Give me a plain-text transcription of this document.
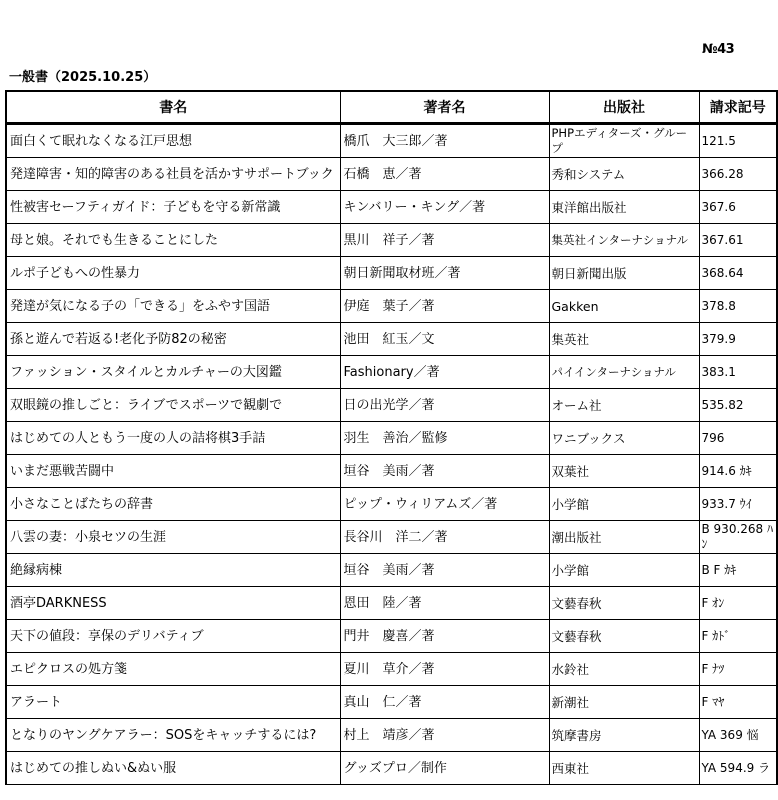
№43
一般書（2025.10.25）
書名	著者名	出版社	請求記号
面白くて眠れなくなる江戸思想	橋爪　大三郎／著	PHPエディターズ・グループ	121.5
発達障害・知的障害のある社員を活かすサポートブック	石橋　恵／著	秀和システム	366.28
性被害セーフティガイド：子どもを守る新常識	キンバリー・キング／著	東洋館出版社	367.6
母と娘。それでも生きることにした	黒川　祥子／著	集英社インターナショナル	367.61
ルポ子どもへの性暴力	朝日新聞取材班／著	朝日新聞出版	368.64
発達が気になる子の「できる」をふやす国語	伊庭　葉子／著	Gakken	378.8
孫と遊んで若返る!老化予防82の秘密	池田　紅玉／文	集英社	379.9
ファッション・スタイルとカルチャーの大図鑑	Fashionary／著	パイインターナショナル	383.1
双眼鏡の推しごと：ライブでスポーツで観劇で	日の出光学／著	オーム社	535.82
はじめての人ともう一度の人の詰将棋3手詰	羽生　善治／監修	ワニブックス	796
いまだ悪戦苦闘中	垣谷　美雨／著	双葉社	914.6 ｶｷ
小さなことばたちの辞書	ピップ・ウィリアムズ／著	小学館	933.7 ｳｲ
八雲の妻：小泉セツの生涯	長谷川　洋二／著	潮出版社	B 930.268 ﾊﾝ
絶縁病棟	垣谷　美雨／著	小学館	B F ｶｷ
酒亭DARKNESS	恩田　陸／著	文藝春秋	F ｵﾝ
天下の値段：享保のデリバティブ	門井　慶喜／著	文藝春秋	F ｶﾄﾞ
エピクロスの処方箋	夏川　草介／著	水鈴社	F ﾅﾂ
アラート	真山　仁／著	新潮社	F ﾏﾔ
となりのヤングケアラー：SOSをキャッチするには?	村上　靖彦／著	筑摩書房	YA 369 悩
はじめての推しぬい&ぬい服	グッズプロ／制作	西東社	YA 594.9 ラ
